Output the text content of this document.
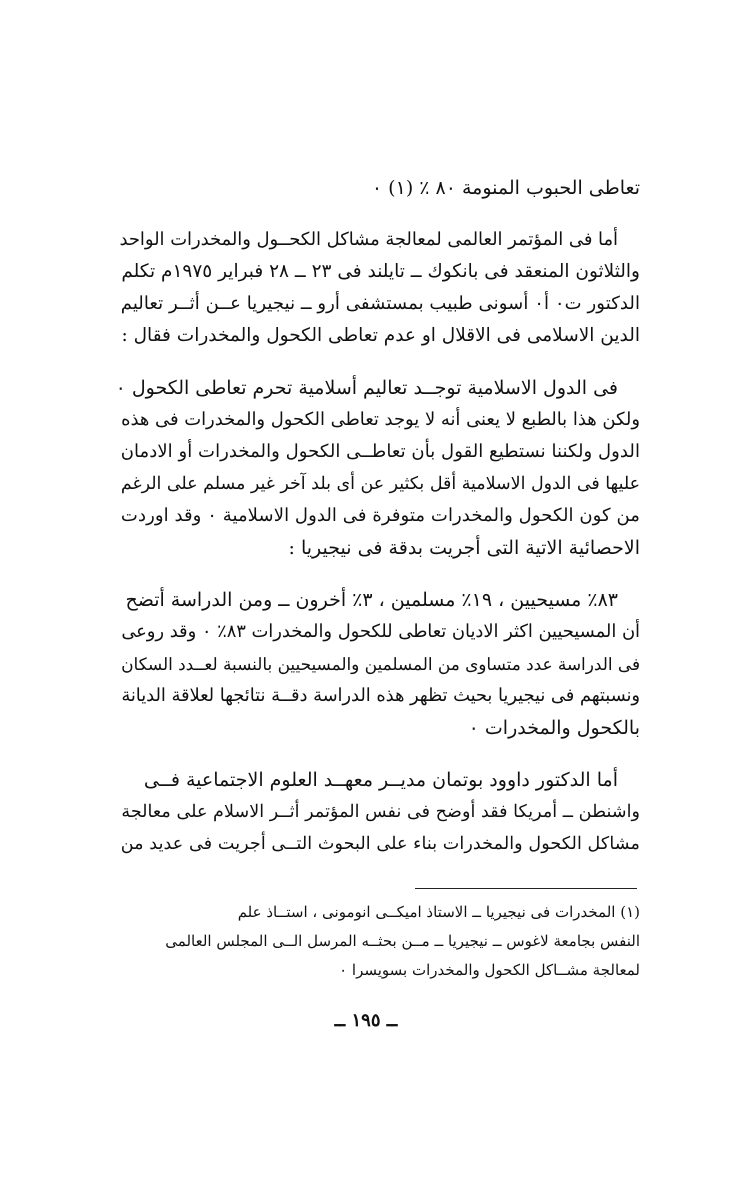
تعاطى الحبوب المنومة ٨٠ ٪ (١) ٠
أما فى المؤتمر العالمى لمعالجة مشاكل الكحــول والمخدرات الواحد
والثلاثون المنعقد فى بانكوك ــ تايلند فى ٢٣ ــ ٢٨ فبراير ١٩٧٥م تكلم
الدكتور ت٠ أ٠ أسونى طبيب بمستشفى أرو ــ نيجيريا عــن أثــر تعاليم
الدين الاسلامى فى الاقلال او عدم تعاطى الكحول والمخدرات فقال :
فى الدول الاسلامية توجــد تعاليم أسلامية تحرم تعاطى الكحول ٠
ولكن هذا بالطبع لا يعنى أنه لا يوجد تعاطى الكحول والمخدرات فى هذه
الدول ولكننا نستطيع القول بأن تعاطــى الكحول والمخدرات أو الادمان
عليها فى الدول الاسلامية أقل بكثير عن أى بلد آخر غير مسلم على الرغم
من كون الكحول والمخدرات متوفرة فى الدول الاسلامية ٠ وقد اوردت
الاحصائية الاتية التى أجريت بدقة فى نيجيريا :
٨٣٪ مسيحيين ، ١٩٪ مسلمين ، ٣٪ أخرون ــ ومن الدراسة أتضح
أن المسيحيين اكثر الاديان تعاطى للكحول والمخدرات ٨٣٪ ٠ وقد روعى
فى الدراسة عدد متساوى من المسلمين والمسيحيين بالنسبة لعــدد السكان
ونسبتهم فى نيجيريا بحيث تظهر هذه الدراسة دقــة نتائجها لعلاقة الديانة
بالكحول والمخدرات ٠
أما الدكتور داوود بوتمان مديــر معهــد العلوم الاجتماعية فــى
واشنطن ــ أمريكا فقد أوضح فى نفس المؤتمر أثــر الاسلام على معالجة
مشاكل الكحول والمخدرات بناء على البحوث التــى أجريت فى عديد من
(١) المخدرات فى نيجيريا ــ الاستاذ اميكــى انومونى ، استــاذ علم
النفس بجامعة لاغوس ــ نيجيريا ــ مــن بحثــه المرسل الــى المجلس العالمى
لمعالجة مشــاكل الكحول والمخدرات بسويسرا ٠
ــ ١٩٥ ــ
